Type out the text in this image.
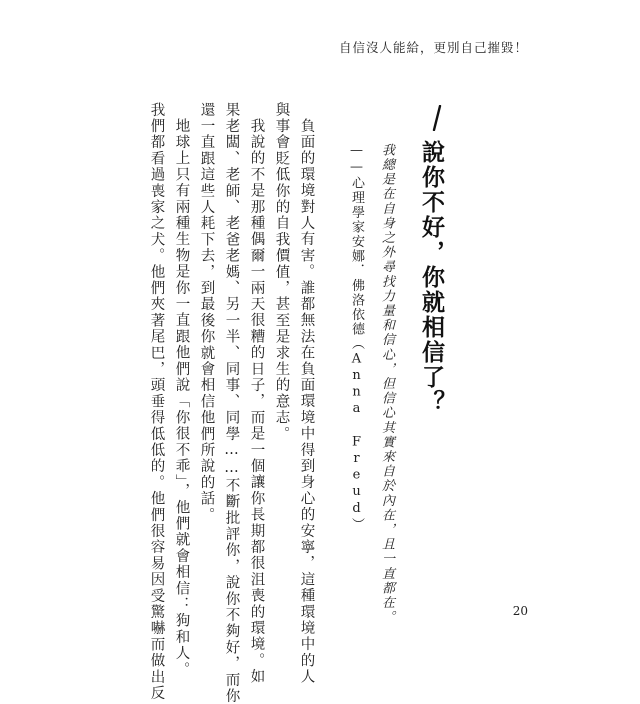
自信沒人能給，更別自己摧毀！
說你不好，你就相信了？
我總是在自身之外尋找力量和信心，但信心其實來自於內在，且一直都在。
——心理學家安娜．佛洛依德（Anna Freud）
負面的環境對人有害。誰都無法在負面環境中得到身心的安寧，這種環境中的人
與事會貶低你的自我價值，甚至是求生的意志。
我說的不是那種偶爾一兩天很糟的日子，而是一個讓你長期都很沮喪的環境。如
果老闆、老師、老爸老媽、另一半、同事、同學……不斷批評你，說你不夠好，而你
還一直跟這些人耗下去，到最後你就會相信他們所說的話。
地球上只有兩種生物是你一直跟他們說「你很不乖」，他們就會相信：狗和人。
我們都看過喪家之犬。他們夾著尾巴，頭垂得低低的。他們很容易因受驚嚇而做出反	20
